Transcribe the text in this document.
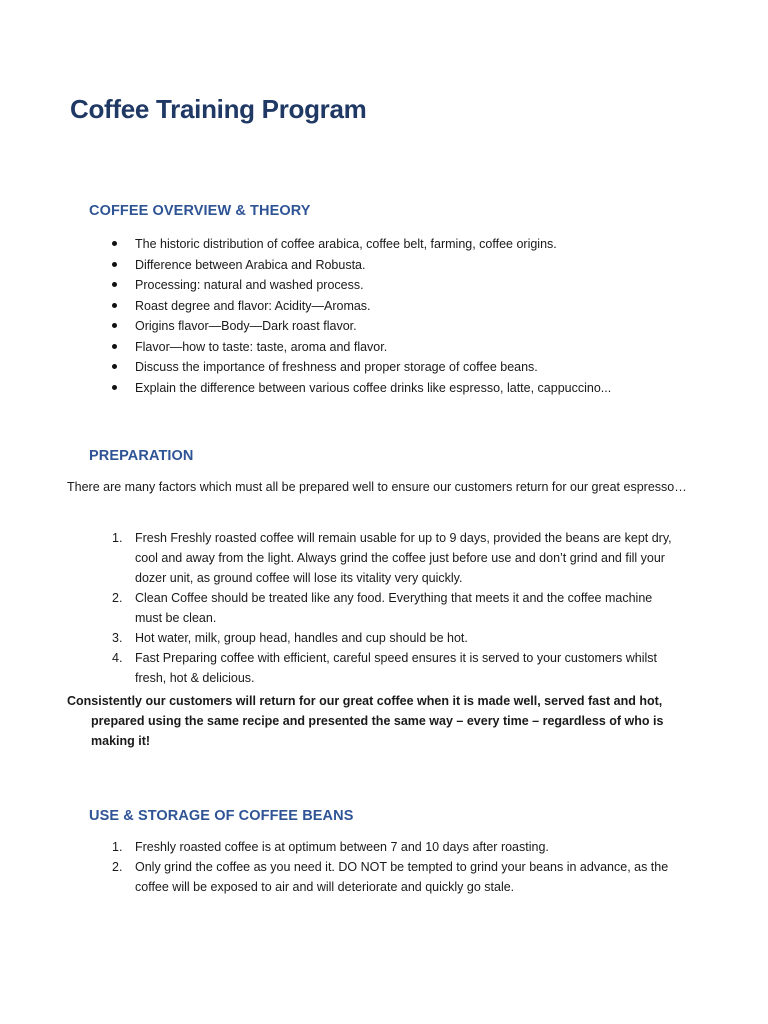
Coffee Training Program
COFFEE OVERVIEW & THEORY
The historic distribution of coffee arabica, coffee belt, farming, coffee origins.
Difference between Arabica and Robusta.
Processing: natural and washed process.
Roast degree and flavor: Acidity—Aromas.
Origins flavor—Body—Dark roast flavor.
Flavor—how to taste: taste, aroma and flavor.
Discuss the importance of freshness and proper storage of coffee beans.
Explain the difference between various coffee drinks like espresso, latte, cappuccino...
PREPARATION

There are many factors which must all be prepared well to ensure our customers return for our great espresso…

1. Fresh Freshly roasted coffee will remain usable for up to 9 days, provided the beans are kept dry, cool and away from the light. Always grind the coffee just before use and don’t grind and fill your dozer unit, as ground coffee will lose its vitality very quickly.
2. Clean Coffee should be treated like any food. Everything that meets it and the coffee machine must be clean.
3. Hot water, milk, group head, handles and cup should be hot.
4. Fast Preparing coffee with efficient, careful speed ensures it is served to your customers whilst fresh, hot & delicious.

Consistently our customers will return for our great coffee when it is made well, served fast and hot, prepared using the same recipe and presented the same way – every time – regardless of who is making it!

USE & STORAGE OF COFFEE BEANS
1. Freshly roasted coffee is at optimum between 7 and 10 days after roasting.
2. Only grind the coffee as you need it. DO NOT be tempted to grind your beans in advance, as the coffee will be exposed to air and will deteriorate and quickly go stale.
